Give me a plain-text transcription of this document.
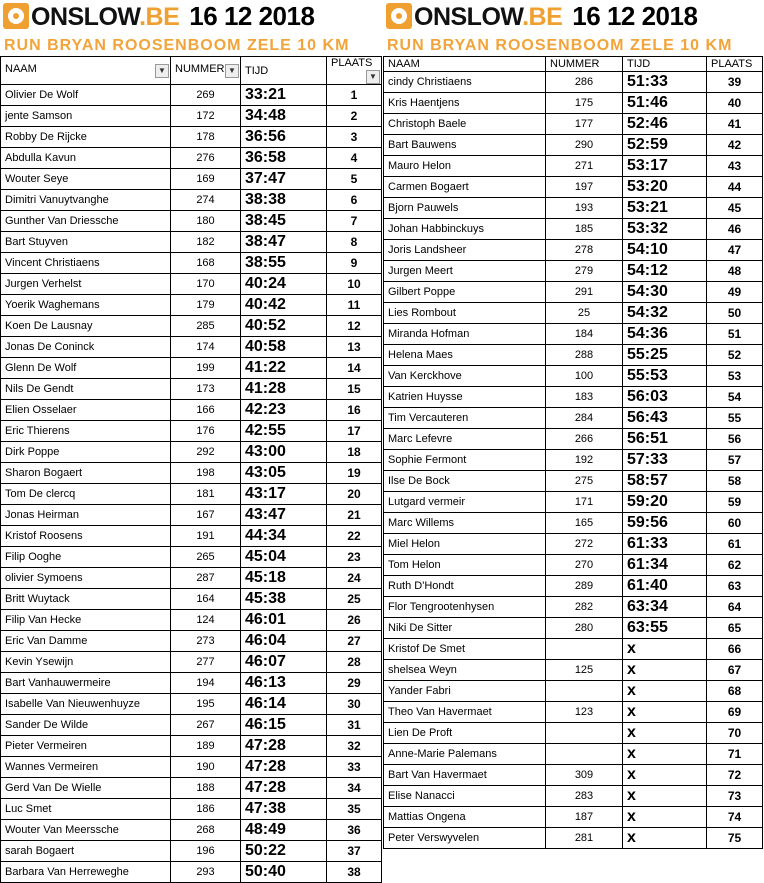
ONSLOW.BE 16 12 2018
RUN BRYAN ROOSENBOOM ZELE 10 KM
NAAM ▼	NUMMER ▼	TIJD	PLAATS
▼

Olivier De Wolf	269	33:21	1
jente Samson	172	34:48	2
Robby De Rijcke	178	36:56	3
Abdulla Kavun	276	36:58	4
Wouter Seye	169	37:47	5
Dimitri Vanuytvanghe	274	38:38	6
Gunther Van Driessche	180	38:45	7
Bart Stuyven	182	38:47	8
Vincent Christiaens	168	38:55	9
Jurgen Verhelst	170	40:24	10
Yoerik Waghemans	179	40:42	11
Koen De Lausnay	285	40:52	12
Jonas De Coninck	174	40:58	13
Glenn De Wolf	199	41:22	14
Nils De Gendt	173	41:28	15
Elien Osselaer	166	42:23	16
Eric Thierens	176	42:55	17
Dirk Poppe	292	43:00	18
Sharon Bogaert	198	43:05	19
Tom De clercq	181	43:17	20
Jonas Heirman	167	43:47	21
Kristof Roosens	191	44:34	22
Filip Ooghe	265	45:04	23
olivier Symoens	287	45:18	24
Britt Wuytack	164	45:38	25
Filip Van Hecke	124	46:01	26
Eric Van Damme	273	46:04	27
Kevin Ysewijn	277	46:07	28
Bart Vanhauwermeire	194	46:13	29
Isabelle Van Nieuwenhuyze	195	46:14	30
Sander De Wilde	267	46:15	31
Pieter Vermeiren	189	47:28	32
Wannes Vermeiren	190	47:28	33
Gerd Van De Wielle	188	47:28	34
Luc Smet	186	47:38	35
Wouter Van Meerssche	268	48:49	36
sarah Bogaert	196	50:22	37
Barbara Van Herreweghe	293	50:40	38
ONSLOW.BE 16 12 2018
RUN BRYAN ROOSENBOOM ZELE 10 KM
NAAM	NUMMER	TIJD	PLAATS
cindy Christiaens	286	51:33	39
Kris Haentjens	175	51:46	40
Christoph Baele	177	52:46	41
Bart Bauwens	290	52:59	42
Mauro Helon	271	53:17	43
Carmen Bogaert	197	53:20	44
Bjorn Pauwels	193	53:21	45
Johan Habbinckuys	185	53:32	46
Joris Landsheer	278	54:10	47
Jurgen Meert	279	54:12	48
Gilbert Poppe	291	54:30	49
Lies Rombout	25	54:32	50
Miranda Hofman	184	54:36	51
Helena Maes	288	55:25	52
Van Kerckhove	100	55:53	53
Katrien Huysse	183	56:03	54
Tim Vercauteren	284	56:43	55
Marc Lefevre	266	56:51	56
Sophie Fermont	192	57:33	57
Ilse De Bock	275	58:57	58
Lutgard vermeir	171	59:20	59
Marc Willems	165	59:56	60
Miel Helon	272	61:33	61
Tom Helon	270	61:34	62
Ruth D'Hondt	289	61:40	63
Flor Tengrootenhysen	282	63:34	64
Niki De Sitter	280	63:55	65
Kristof De Smet		x	66
shelsea Weyn	125	x	67
Yander Fabri		x	68
Theo Van Havermaet	123	x	69
Lien De Proft		x	70
Anne-Marie Palemans		x	71
Bart Van Havermaet	309	x	72
Elise Nanacci	283	x	73
Mattias Ongena	187	x	74
Peter Verswyvelen	281	x	75
